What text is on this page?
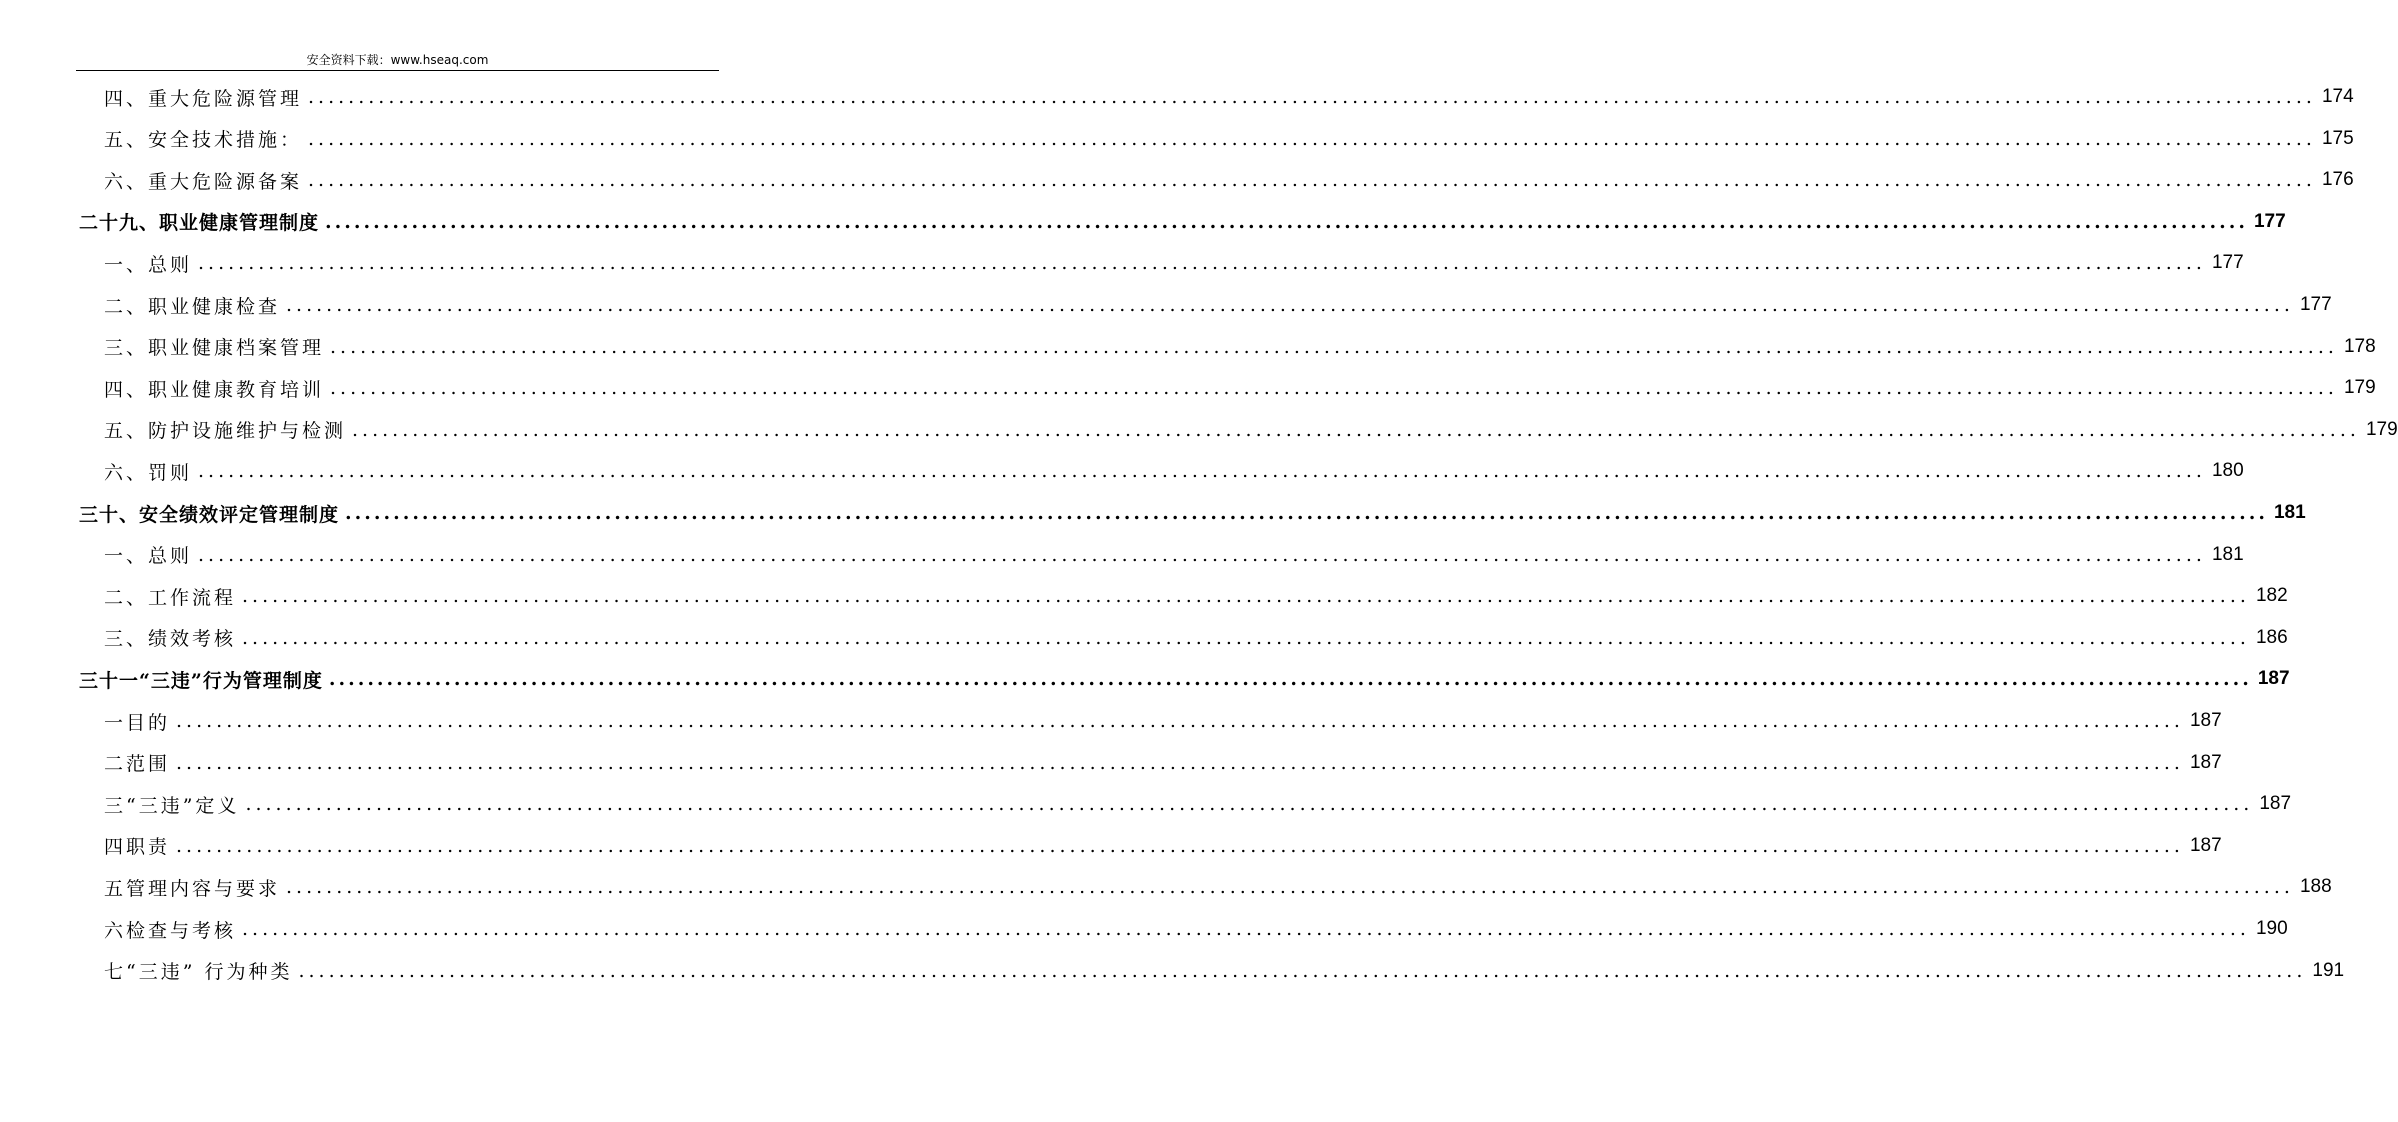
安全资料下载：www.hseaq.com
四、重大危险源管理 ........................................................................................................................................................................................................ 174
五、安全技术措施： ........................................................................................................................................................................................................ 175
六、重大危险源备案 ........................................................................................................................................................................................................ 176
二十九、职业健康管理制度 ........................................................................................................................................................................................................ 177
一、总则 ........................................................................................................................................................................................................ 177
二、职业健康检查 ........................................................................................................................................................................................................ 177
三、职业健康档案管理 ........................................................................................................................................................................................................ 178
四、职业健康教育培训 ........................................................................................................................................................................................................ 179
五、防护设施维护与检测 ........................................................................................................................................................................................................ 179
六、罚则 ........................................................................................................................................................................................................ 180
三十、安全绩效评定管理制度 ........................................................................................................................................................................................................ 181
一、总则 ........................................................................................................................................................................................................ 181
二、工作流程 ........................................................................................................................................................................................................ 182
三、绩效考核 ........................................................................................................................................................................................................ 186
三十一“三违”行为管理制度 ........................................................................................................................................................................................................ 187
一目的 ........................................................................................................................................................................................................ 187
二范围 ........................................................................................................................................................................................................ 187
三“三违”定义 ........................................................................................................................................................................................................ 187
四职责 ........................................................................................................................................................................................................ 187
五管理内容与要求 ........................................................................................................................................................................................................ 188
六检查与考核 ........................................................................................................................................................................................................ 190
七“三违” 行为种类 ........................................................................................................................................................................................................ 191
